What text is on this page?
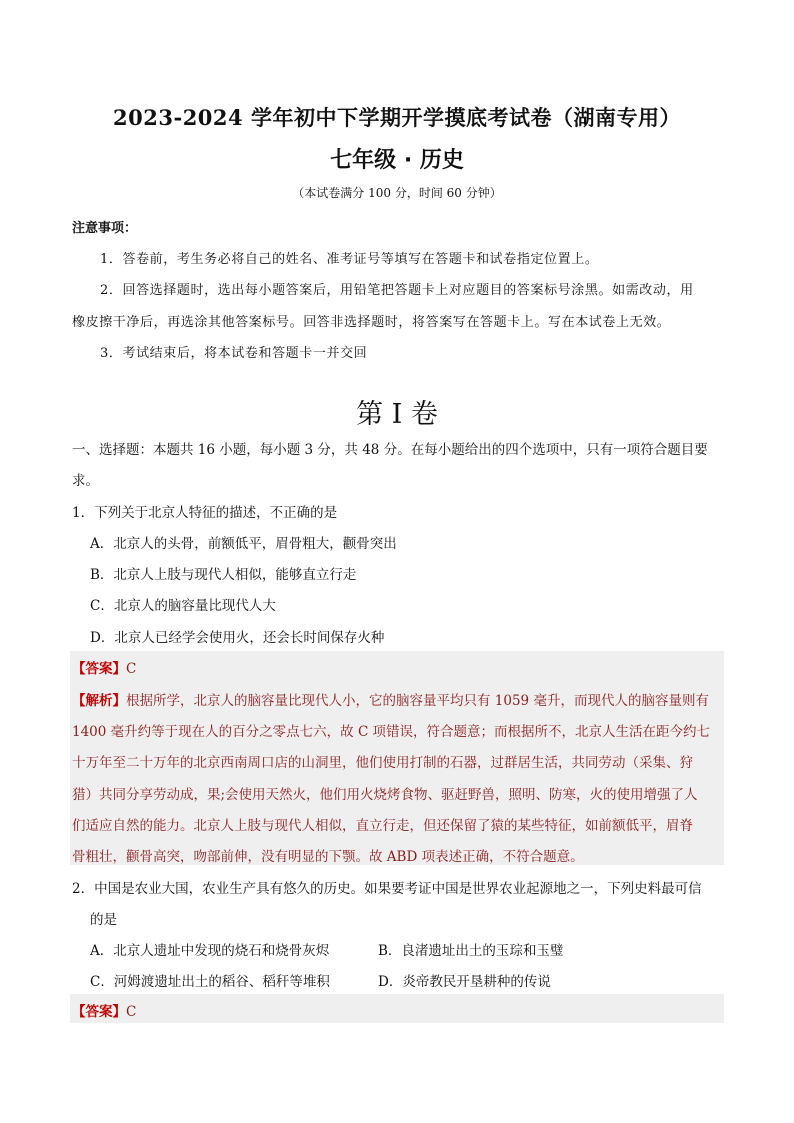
2023-2024 学年初中下学期开学摸底考试卷（湖南专用）
七年级 · 历史
（本试卷满分 100 分，时间 60 分钟）
注意事项：
1．答卷前，考生务必将自己的姓名、准考证号等填写在答题卡和试卷指定位置上。
2．回答选择题时，选出每小题答案后，用铅笔把答题卡上对应题目的答案标号涂黑。如需改动，用
橡皮擦干净后，再选涂其他答案标号。回答非选择题时，将答案写在答题卡上。写在本试卷上无效。
3．考试结束后，将本试卷和答题卡一并交回
第 I 卷
一、选择题：本题共 16 小题，每小题 3 分，共 48 分。在每小题给出的四个选项中，只有一项符合题目要
求。
1．下列关于北京人特征的描述，不正确的是
A．北京人的头骨，前额低平，眉骨粗大，颧骨突出
B．北京人上肢与现代人相似，能够直立行走
C．北京人的脑容量比现代人大
D．北京人已经学会使用火，还会长时间保存火种
【答案】C
【解析】根据所学，北京人的脑容量比现代人小，它的脑容量平均只有 1059 毫升，而现代人的脑容量则有
1400 毫升约等于现在人的百分之零点七六，故 C 项错误，符合题意；而根据所不，北京人生活在距今约七
十万年至二十万年的北京西南周口店的山洞里，他们使用打制的石器，过群居生活，共同劳动（采集、狩
猎）共同分享劳动成，果;会使用天然火，他们用火烧烤食物、驱赶野兽，照明、防寒，火的使用增强了人
们适应自然的能力。北京人上肢与现代人相似，直立行走，但还保留了猿的某些特征，如前额低平，眉脊
骨粗壮，颧骨高突，吻部前伸，没有明显的下颚。故 ABD 项表述正确，不符合题意。
2．中国是农业大国，农业生产具有悠久的历史。如果要考证中国是世界农业起源地之一，下列史料最可信
的是
A．北京人遗址中发现的烧石和烧骨灰烬	B．良渚遗址出土的玉琮和玉璧
C．河姆渡遗址出土的稻谷、稻秆等堆积	D．炎帝教民开垦耕种的传说
【答案】C
